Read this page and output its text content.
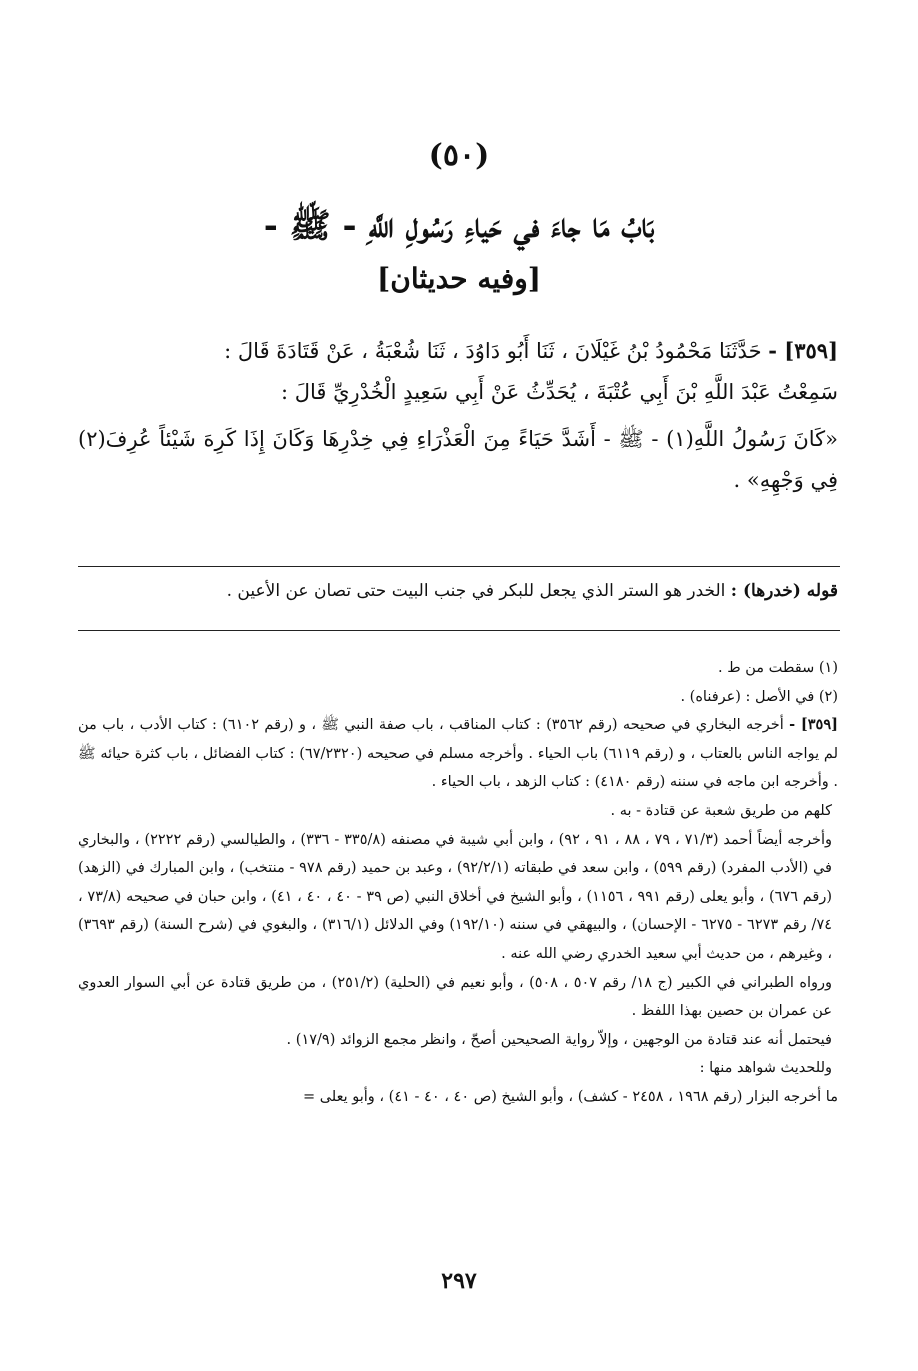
(٥٠)
بَابُ مَا جاءَ في حَياءِ رَسُولِ اللَّهِ - ﷺ -
[وفيه حديثان]

[٣٥٩] - حَدَّثَنَا مَحْمُودُ بْنُ غَيْلَانَ ، ثَنَا أَبُو دَاوُدَ ، ثَنَا شُعْبَةُ ، عَنْ قَتَادَةَ قَالَ :

سَمِعْتُ عَبْدَ اللَّهِ بْنَ أَبِي عُتْبَةَ ، يُحَدِّثُ عَنْ أَبِي سَعِيدٍ الْخُدْرِيِّ قَالَ :

«كَانَ رَسُولُ اللَّهِ(١) - ﷺ - أَشَدَّ حَيَاءً مِنَ الْعَذْرَاءِ فِي خِدْرِهَا وَكَانَ إِذَا كَرِهَ شَيْئاً عُرِفَ(٢) فِي وَجْهِهِ» .

قوله (خدرها) : الخدر هو الستر الذي يجعل للبكر في جنب البيت حتى تصان عن الأعين .

(١) سقطت من ط .

(٢) في الأصل : (عرفناه) .

[٣٥٩] - أخرجه البخاري في صحيحه (رقم ٣٥٦٢) : كتاب المناقب ، باب صفة النبي ﷺ ، و (رقم ٦١٠٢) : كتاب الأدب ، باب من لم يواجه الناس بالعتاب ، و (رقم ٦١١٩) باب الحياء . وأخرجه مسلم في صحيحه (٦٧/٢٣٢٠) : كتاب الفضائل ، باب كثرة حيائه ﷺ . وأخرجه ابن ماجه في سننه (رقم ٤١٨٠) : كتاب الزهد ، باب الحياء .

كلهم من طريق شعبة عن قتادة - به .

وأخرجه أيضاً أحمد (٧١/٣ ، ٧٩ ، ٨٨ ، ٩١ ، ٩٢) ، وابن أبي شيبة في مصنفه (٣٣٥/٨ - ٣٣٦) ، والطيالسي (رقم ٢٢٢٢) ، والبخاري في (الأدب المفرد) (رقم ٥٩٩) ، وابن سعد في طبقاته (٩٢/٢/١) ، وعبد بن حميد (رقم ٩٧٨ - منتخب) ، وابن المبارك في (الزهد) (رقم ٦٧٦) ، وأبو يعلى (رقم ٩٩١ ، ١١٥٦) ، وأبو الشيخ في أخلاق النبي (ص ٣٩ - ٤٠ ، ٤٠ ، ٤١) ، وابن حبان في صحيحه (٧٣/٨ ، ٧٤/ رقم ٦٢٧٣ - ٦٢٧٥ - الإحسان) ، والبيهقي في سننه (١٩٢/١٠) وفي الدلائل (٣١٦/١) ، والبغوي في (شرح السنة) (رقم ٣٦٩٣) ، وغيرهم ، من حديث أبي سعيد الخدري رضي الله عنه .

ورواه الطبراني في الكبير (ج ١٨/ رقم ٥٠٧ ، ٥٠٨) ، وأبو نعيم في (الحلية) (٢٥١/٢) ، من طريق قتادة عن أبي السوار العدوي عن عمران بن حصين بهذا اللفظ .

فيحتمل أنه عند قتادة من الوجهين ، وإلاّ رواية الصحيحين أصحّ ، وانظر مجمع الزوائد (١٧/٩) .

وللحديث شواهد منها :

ما أخرجه البزار (رقم ١٩٦٨ ، ٢٤٥٨ - كشف) ، وأبو الشيخ (ص ٤٠ ، ٤٠ - ٤١) ، وأبو يعلى =

٢٩٧
